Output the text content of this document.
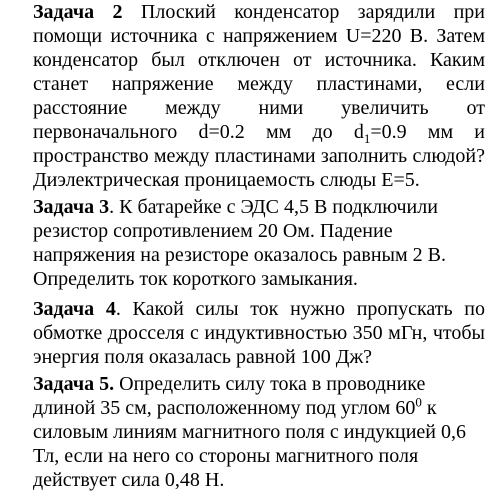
Задача 2 Плоский конденсатор зарядили при помощи источника с напряжением U=220 В. Затем конденсатор был отключен от источника. Каким станет напряжение между пластинами, если расстояние между ними увеличить от первоначального d=0.2 мм до $d_1=0.9$ мм и пространство между пластинами заполнить слюдой? Диэлектрическая проницаемость слюды E=5.

Задача 3. К батарейке с ЭДС 4,5 В подключили резистор сопротивлением 20 Ом. Падение напряжения на резисторе оказалось равным 2 В. Определить ток короткого замыкания.

Задача 4. Какой силы ток нужно пропускать по обмотке дросселя с индуктивностью 350 мГн, чтобы энергия поля оказалась равной 100 Дж?

Задача 5. Определить силу тока в проводнике длиной 35 см, расположенному под углом $60^0$ к силовым линиям магнитного поля с индукцией 0,6 Тл, если на него со стороны магнитного поля действует сила 0,48 Н.
